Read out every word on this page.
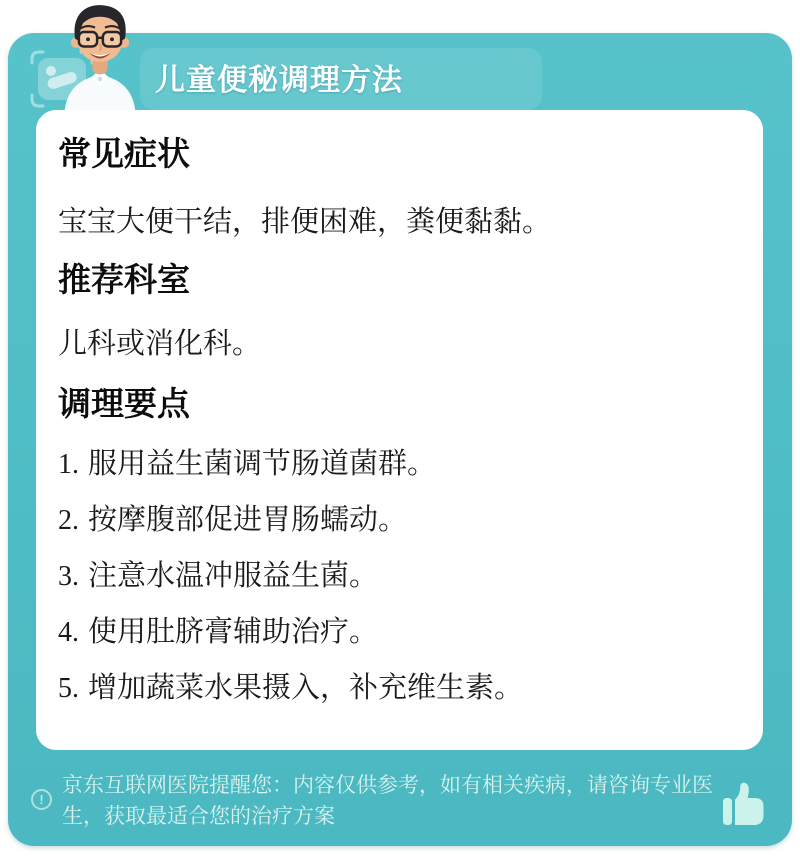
儿童便秘调理方法
常见症状

宝宝大便干结，排便困难，粪便黏黏。

推荐科室

儿科或消化科。

调理要点
1. 服用益生菌调节肠道菌群。
2. 按摩腹部促进胃肠蠕动。
3. 注意水温冲服益生菌。
4. 使用肚脐膏辅助治疗。
5. 增加蔬菜水果摄入，补充维生素。
!
京东互联网医院提醒您：内容仅供参考，如有相关疾病，请咨询专业医生，获取最适合您的治疗方案
